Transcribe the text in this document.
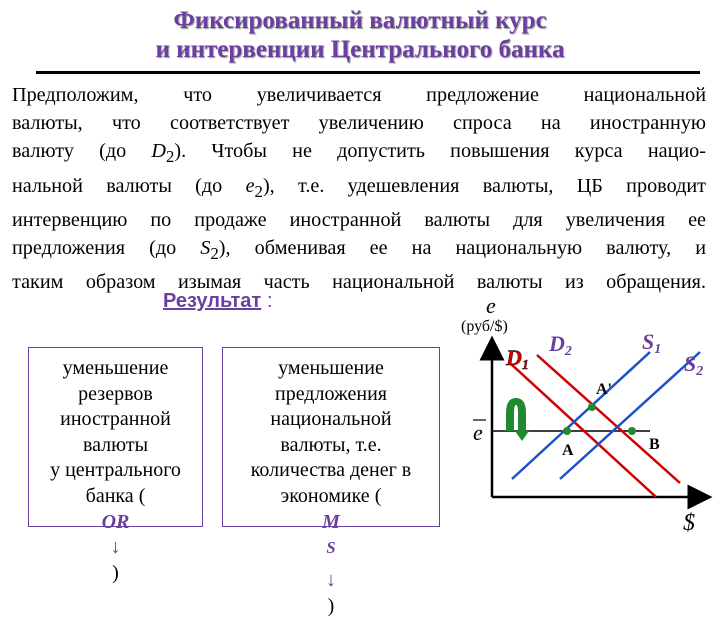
Фиксированный валютный курс
и интервенции Центрального банка
Предположим, что увеличивается предложение национальной
валюты, что соответствует увеличению спроса на иностранную
валюту (до $D_2$). Чтобы не допустить повышения курса нацио-
нальной валюты (до $e_2$), т.е. удешевления валюты, ЦБ проводит
интервенцию по продаже иностранной валюты для увеличения ее
предложения (до $S_2$), обменивая ее на национальную валюту, и
таким образом изымая часть национальной валюты из обращения.
Результат :
уменьшение
резервов
иностранной
валюты
у центрального
банка (
OR
↓
)
уменьшение
предложения
национальной
валюты, т.е.
количества денег в
экономике (
M
$^S$
↓
)
e
(руб/$)
$
e
D1
D2	S1
S2
A
A'
B
